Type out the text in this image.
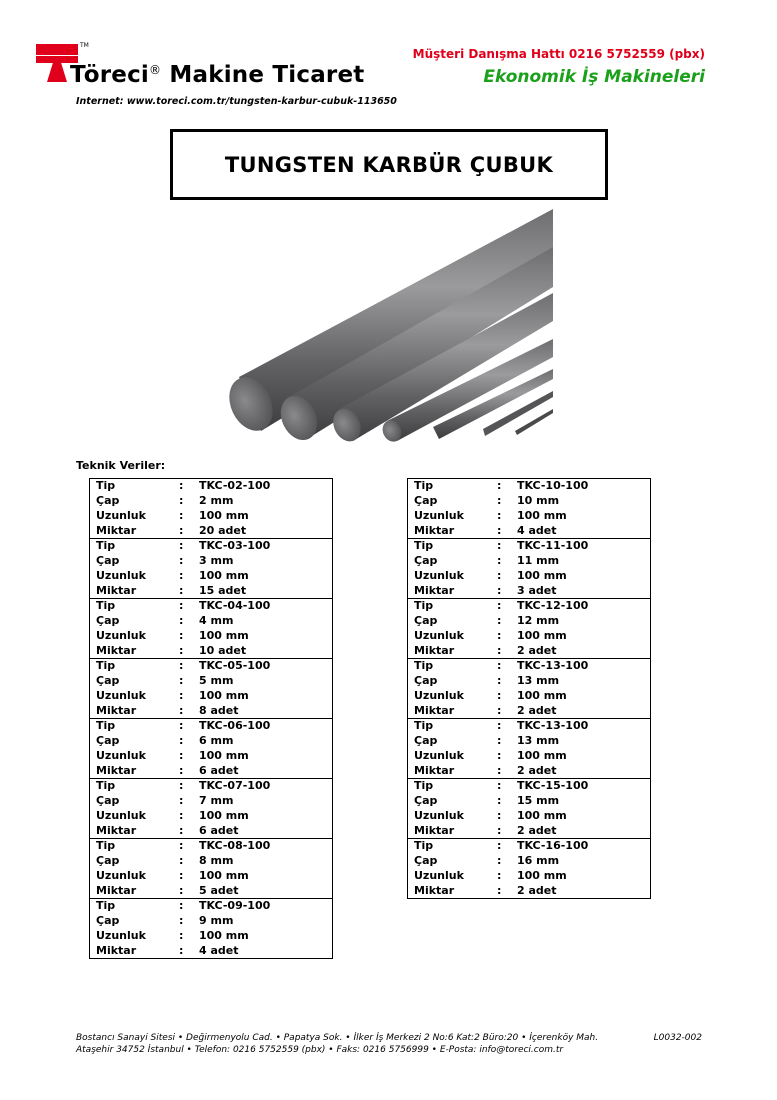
TM
Töreci® Makine Ticaret
Internet: www.toreci.com.tr/tungsten-karbur-cubuk-113650
Müşteri Danışma Hattı 0216 5752559 (pbx)
Ekonomik İş Makineleri
TUNGSTEN KARBÜR ÇUBUK
Teknik Veriler:
Tip	:	TKC-02-100
Çap	:	2 mm
Uzunluk	:	100 mm
Miktar	:	20 adet
Tip	:	TKC-03-100
Çap	:	3 mm
Uzunluk	:	100 mm
Miktar	:	15 adet
Tip	:	TKC-04-100
Çap	:	4 mm
Uzunluk	:	100 mm
Miktar	:	10 adet
Tip	:	TKC-05-100
Çap	:	5 mm
Uzunluk	:	100 mm
Miktar	:	8 adet
Tip	:	TKC-06-100
Çap	:	6 mm
Uzunluk	:	100 mm
Miktar	:	6 adet
Tip	:	TKC-07-100
Çap	:	7 mm
Uzunluk	:	100 mm
Miktar	:	6 adet
Tip	:	TKC-08-100
Çap	:	8 mm
Uzunluk	:	100 mm
Miktar	:	5 adet
Tip	:	TKC-09-100
Çap	:	9 mm
Uzunluk	:	100 mm
Miktar	:	4 adet
Tip	:	TKC-10-100
Çap	:	10 mm
Uzunluk	:	100 mm
Miktar	:	4 adet
Tip	:	TKC-11-100
Çap	:	11 mm
Uzunluk	:	100 mm
Miktar	:	3 adet
Tip	:	TKC-12-100
Çap	:	12 mm
Uzunluk	:	100 mm
Miktar	:	2 adet
Tip	:	TKC-13-100
Çap	:	13 mm
Uzunluk	:	100 mm
Miktar	:	2 adet
Tip	:	TKC-13-100
Çap	:	13 mm
Uzunluk	:	100 mm
Miktar	:	2 adet
Tip	:	TKC-15-100
Çap	:	15 mm
Uzunluk	:	100 mm
Miktar	:	2 adet
Tip	:	TKC-16-100
Çap	:	16 mm
Uzunluk	:	100 mm
Miktar	:	2 adet
Bostancı Sanayi Sitesi • Değirmenyolu Cad. • Papatya Sok. • İlker İş Merkezi 2 No:6 Kat:2 Büro:20 • İçerenköy Mah.
Ataşehir 34752 İstanbul • Telefon: 0216 5752559 (pbx) • Faks: 0216 5756999 • E-Posta: info@toreci.com.tr
L0032-002
